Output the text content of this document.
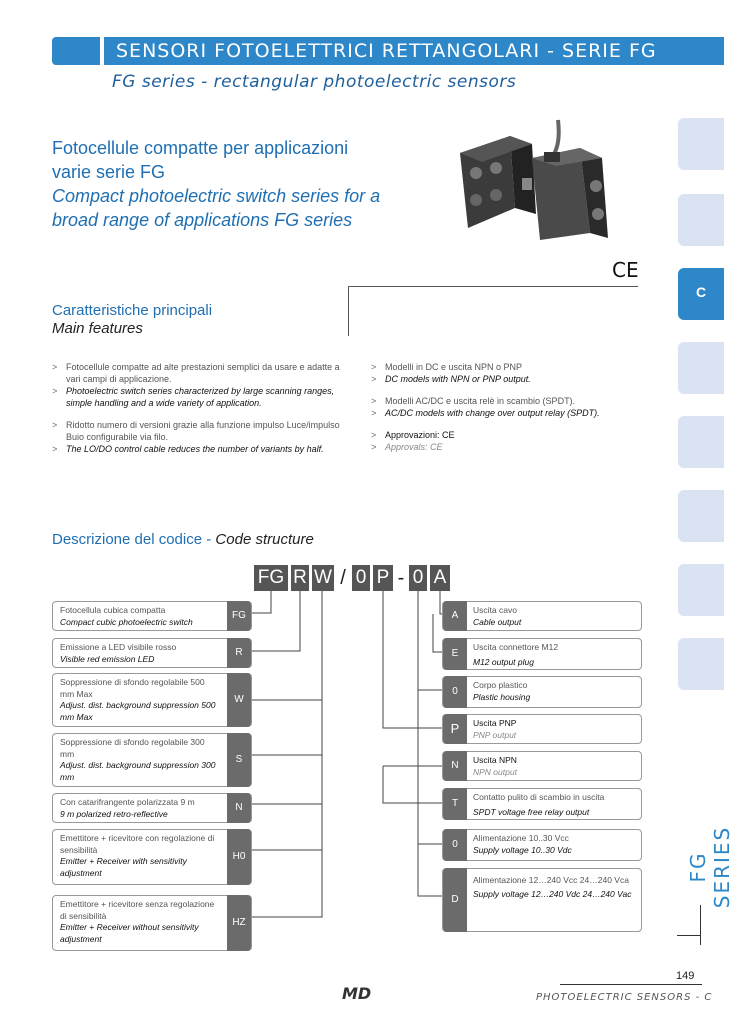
SENSORI FOTOELETTRICI RETTANGOLARI - SERIE FG
FG series - rectangular photoelectric sensors
C
FG SERIES
Fotocellule compatte per applicazioni varie serie FG
Compact photoelectric switch series for a broad range of applications FG series
CE
Caratteristiche principali
Main features
> Fotocellule compatte ad alte prestazioni semplici da usare e adatte a vari campi di applicazione.
> Photoelectric switch series characterized by large scanning ranges, simple handling and a wide variety of application.
> Ridotto numero di versioni grazie alla funzione impulso Luce/impulso Buio configurabile via filo.
> The LO/DO control cable reduces the number of variants by half.
> Modelli in DC e uscita NPN o PNP
> DC models with NPN or PNP output.
> Modelli AC/DC e uscita relè in scambio (SPDT).
> AC/DC models with change over output relay (SPDT).
> Approvazioni: CE
> Approvals: CE
Descrizione del codice - Code structure
FG R W / 0 P - 0 A
Fotocellula cubica compatta
Compact cubic photoelectric switch
FG
Emissione a LED visibile rosso
Visible red emission LED
R
Soppressione di sfondo regolabile 500 mm Max
Adjust. dist. background suppression 500 mm Max
W
Soppressione di sfondo regolabile 300 mm
Adjust. dist. background suppression 300 mm
S
Con catarifrangente polarizzata 9 m
9 m polarized retro-reflective
N
Emettitore + ricevitore con regolazione di sensibilità
Emitter + Receiver with sensitivity adjustment
H0
Emettitore + ricevitore senza regolazione di sensibilità
Emitter + Receiver without sensitivity adjustment
HZ
Uscita cavo
Cable output
A
Uscita connettore M12
M12 output plug
E
Corpo plastico
Plastic housing
0
Uscita PNP
PNP output
P
Uscita NPN
NPN output
N
Contatto pulito di scambio in uscita
SPDT voltage free relay output
T
Alimentazione 10..30 Vcc
Supply voltage 10..30 Vdc
0
Alimentazione 12…240 Vcc 24…240 Vca
Supply voltage 12…240 Vdc 24…240 Vac
D
MD
149
PHOTOELECTRIC SENSORS - C
